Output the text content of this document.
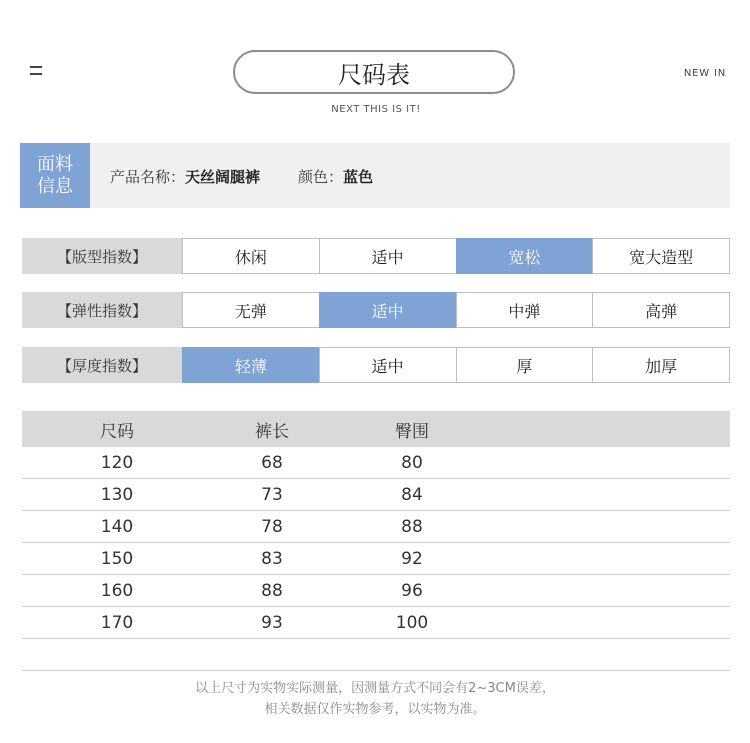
尺码表
NEXT THIS IS IT!
NEW IN
面料
信息 产品名称：天丝阔腿裤	颜色：蓝色
【版型指数】	休闲	适中	宽松	宽大造型
【弹性指数】	无弹	适中	中弹	高弹
【厚度指数】	轻薄	适中	厚	加厚
尺码	裤长	臀围
120	68	80
130	73	84
140	78	88
150	83	92
160	88	96
170	93	100
以上尺寸为实物实际测量，因测量方式不同会有2~3CM误差，
相关数据仅作实物参考，以实物为准。
